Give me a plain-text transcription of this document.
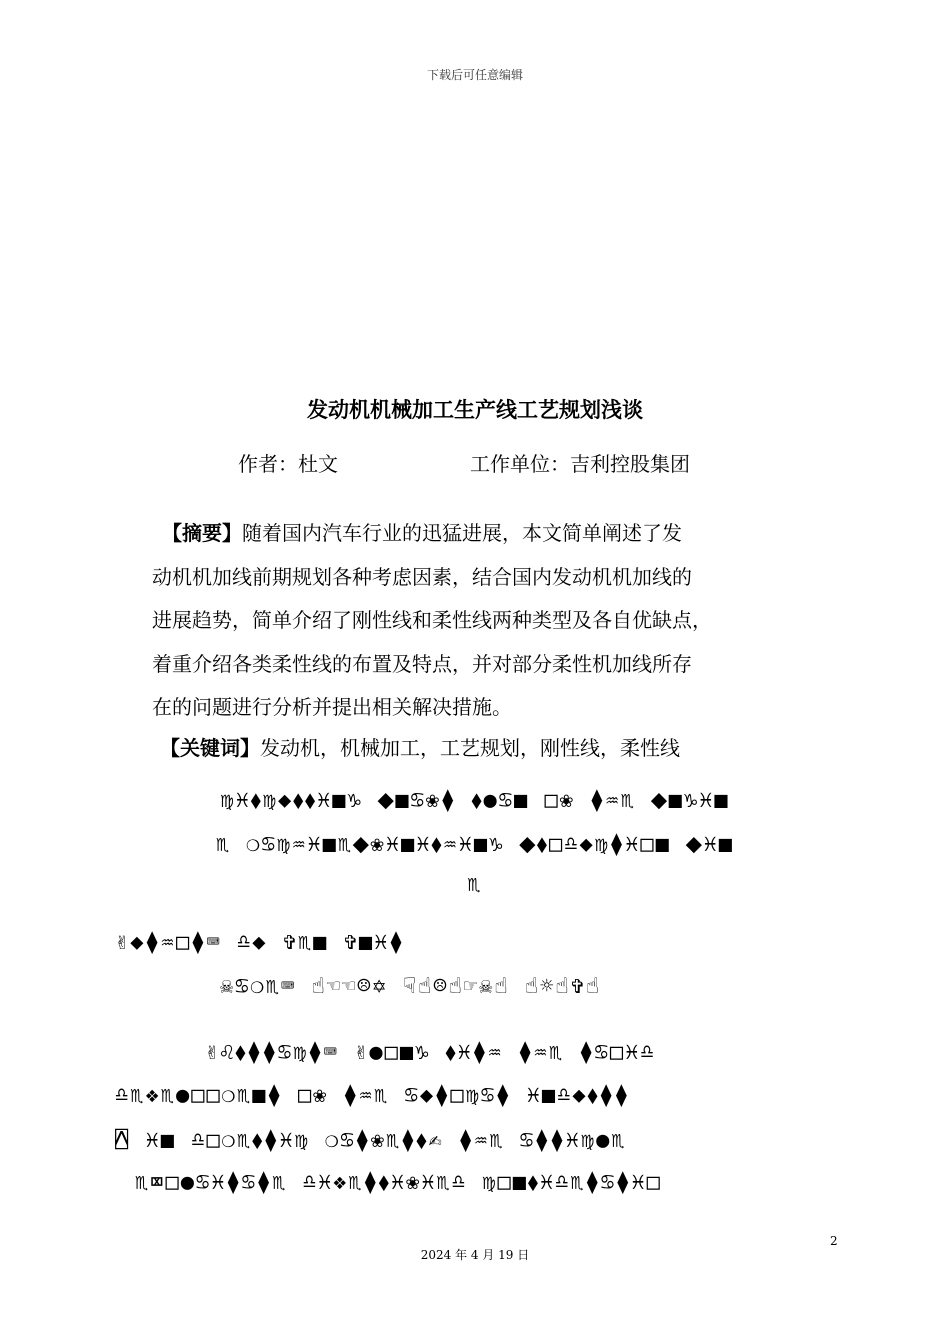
下载后可任意编辑
发动机机械加工生产线工艺规划浅谈
作者：杜文	工作单位：吉利控股集团

【摘要】随着国内汽车行业的迅猛进展，本文简单阐述了发

动机机加线前期规划各种考虑因素，结合国内发动机机加线的

进展趋势，简单介绍了刚性线和柔性线两种类型及各自优缺点，

着重介绍各类柔性线的布置及特点，并对部分柔性机加线所存

在的问题进行分析并提出相关解决措施。

【关键词】发动机，机械加工，工艺规划，刚性线，柔性线
♍♓⬧♍◆⬧⬧♓■♑ ⬥■♋❀⧫ ⬧●♋■ □❀ ⧫♒♏ ⬥■♑♓■
♏ ❍♋♍♒♓■♏⬥❀♓■♓⬧♒♓■♑ ⬥⬧□♎◆♍⧫♓□■ ⬥♓■
♏
✌◆⧫♒□⧫⌨ ♎◆ ✞♏■ ✞■♓⧫
☠♋❍♏⌨ ☝☜☜☹✡ ☟☝☹☝☞☠☝ ☝☼☝✞☝
✌♌⬧⧫⧫♋♍⧫⌨ ✌●□■♑ ⬧♓⧫♒ ⧫♒♏ ⧫♋□♓♎
♎♏❖♏●□□❍♏■⧫ □❀ ⧫♒♏ ♋◆⧫□♍♋⧫ ♓■♎◆⬧⧫⧫
⍓ ♓■ ♎□❍♏⬧⧫♓♍ ❍♋⧫❀♏⧫⬧✍ ⧫♒♏ ♋⧫⧫♓♍●♏
♏⌧□●♋♓⧫♋⧫♏ ♎♓❖♏⧫⬧♓❀♓♏♎ ♍□■⬧♓♎♏⧫♋⧫♓□
2
2024 年 4 月 19 日
